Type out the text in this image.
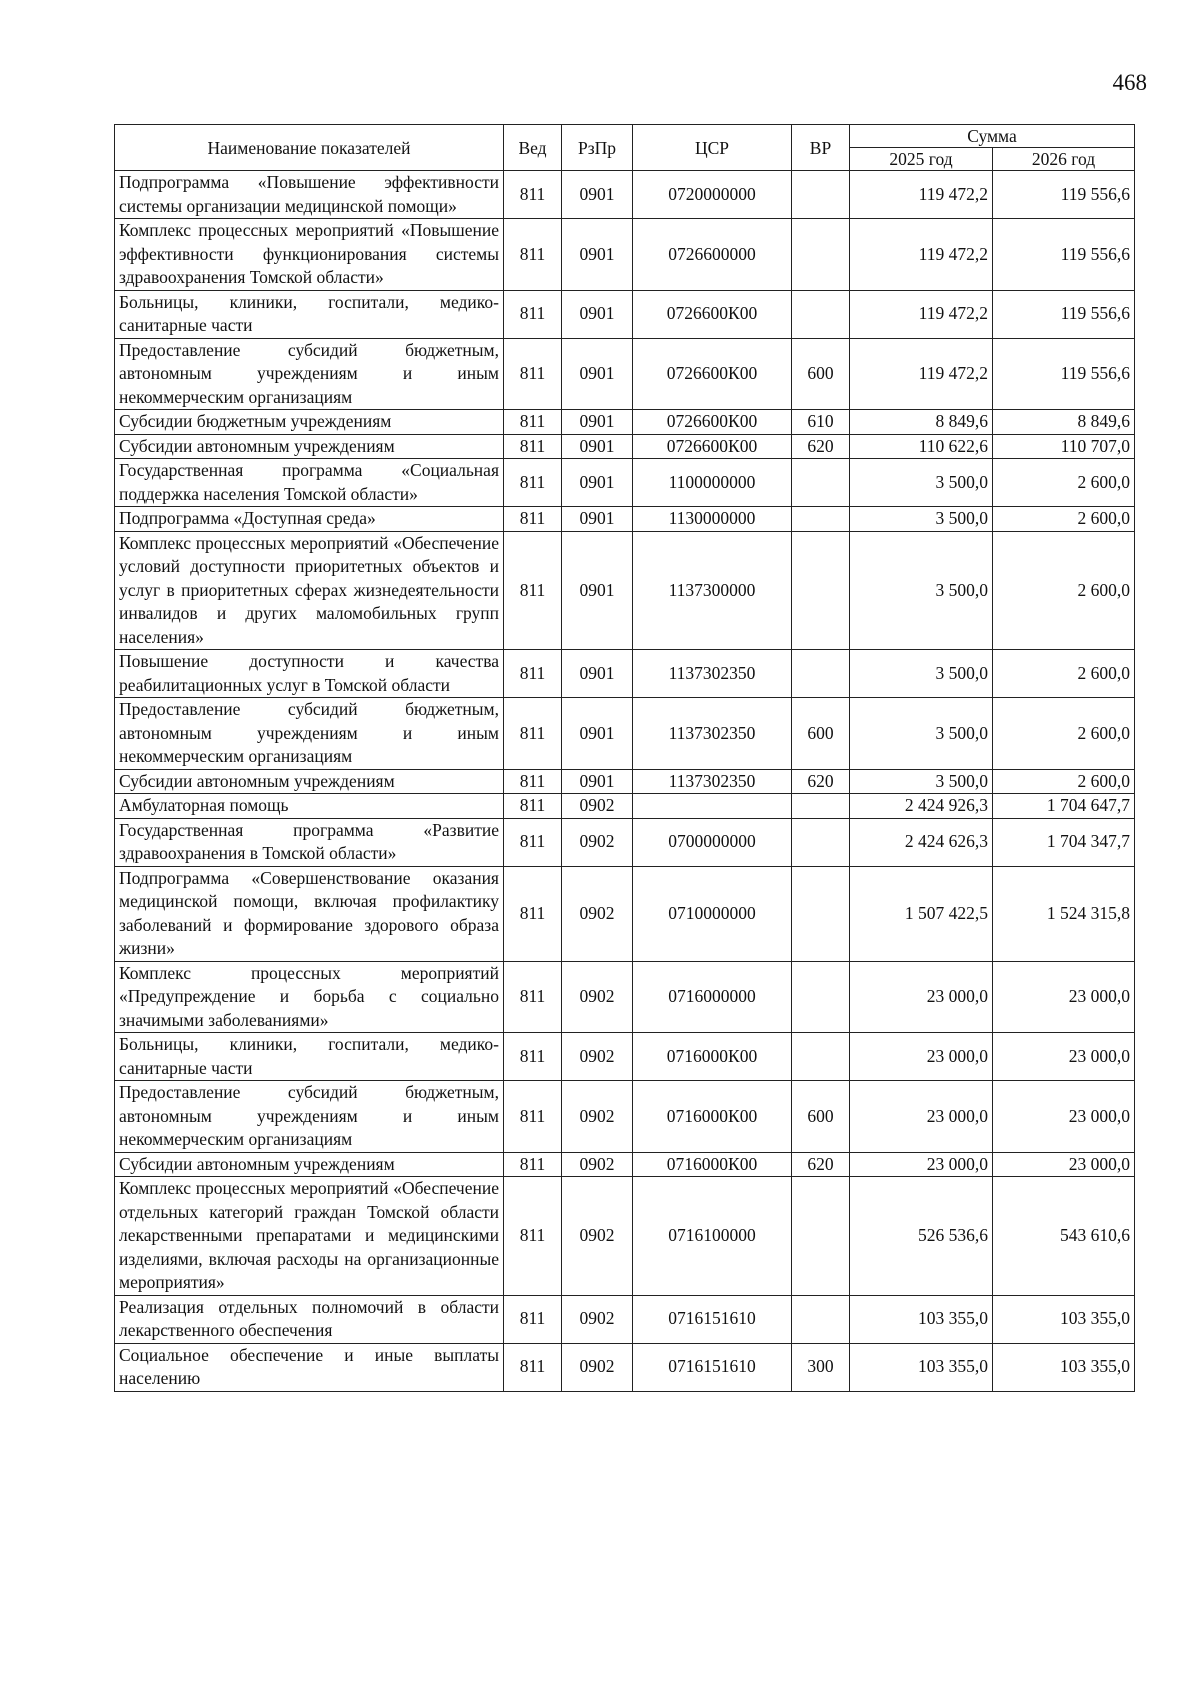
468
Наименование показателей	Вед	РзПр	ЦСР	ВР	Сумма	
					2025 год	2026 год
Подпрограмма «Повышение эффективности системы организации медицинской помощи»	811	0901	0720000000		119 472,2	119 556,6
Комплекс процессных мероприятий «Повышение эффективности функционирования системы здравоохранения Томской области»	811	0901	0726600000		119 472,2	119 556,6
Больницы, клиники, госпитали, медико-санитарные части	811	0901	0726600К00		119 472,2	119 556,6
Предоставление субсидий бюджетным, автономным учреждениям и иным некоммерческим организациям	811	0901	0726600К00	600	119 472,2	119 556,6
Субсидии бюджетным учреждениям	811	0901	0726600К00	610	8 849,6	8 849,6
Субсидии автономным учреждениям	811	0901	0726600К00	620	110 622,6	110 707,0
Государственная программа «Социальная поддержка населения Томской области»	811	0901	1100000000		3 500,0	2 600,0
Подпрограмма «Доступная среда»	811	0901	1130000000		3 500,0	2 600,0
Комплекс процессных мероприятий «Обеспечение условий доступности приоритетных объектов и услуг в приоритетных сферах жизнедеятельности инвалидов и других маломобильных групп населения»	811	0901	1137300000		3 500,0	2 600,0
Повышение доступности и качества реабилитационных услуг в Томской области	811	0901	1137302350		3 500,0	2 600,0
Предоставление субсидий бюджетным, автономным учреждениям и иным некоммерческим организациям	811	0901	1137302350	600	3 500,0	2 600,0
Субсидии автономным учреждениям	811	0901	1137302350	620	3 500,0	2 600,0
Амбулаторная помощь	811	0902			2 424 926,3	1 704 647,7
Государственная программа «Развитие здравоохранения в Томской области»	811	0902	0700000000		2 424 626,3	1 704 347,7
Подпрограмма «Совершенствование оказания медицинской помощи, включая профилактику заболеваний и формирование здорового образа жизни»	811	0902	0710000000		1 507 422,5	1 524 315,8
Комплекс процессных мероприятий «Предупреждение и борьба с социально значимыми заболеваниями»	811	0902	0716000000		23 000,0	23 000,0
Больницы, клиники, госпитали, медико-санитарные части	811	0902	0716000К00		23 000,0	23 000,0
Предоставление субсидий бюджетным, автономным учреждениям и иным некоммерческим организациям	811	0902	0716000К00	600	23 000,0	23 000,0
Субсидии автономным учреждениям	811	0902	0716000К00	620	23 000,0	23 000,0
Комплекс процессных мероприятий «Обеспечение отдельных категорий граждан Томской области лекарственными препаратами и медицинскими изделиями, включая расходы на организационные мероприятия»	811	0902	0716100000		526 536,6	543 610,6
Реализация отдельных полномочий в области лекарственного обеспечения	811	0902	0716151610		103 355,0	103 355,0
Социальное обеспечение и иные выплаты населению	811	0902	0716151610	300	103 355,0	103 355,0
